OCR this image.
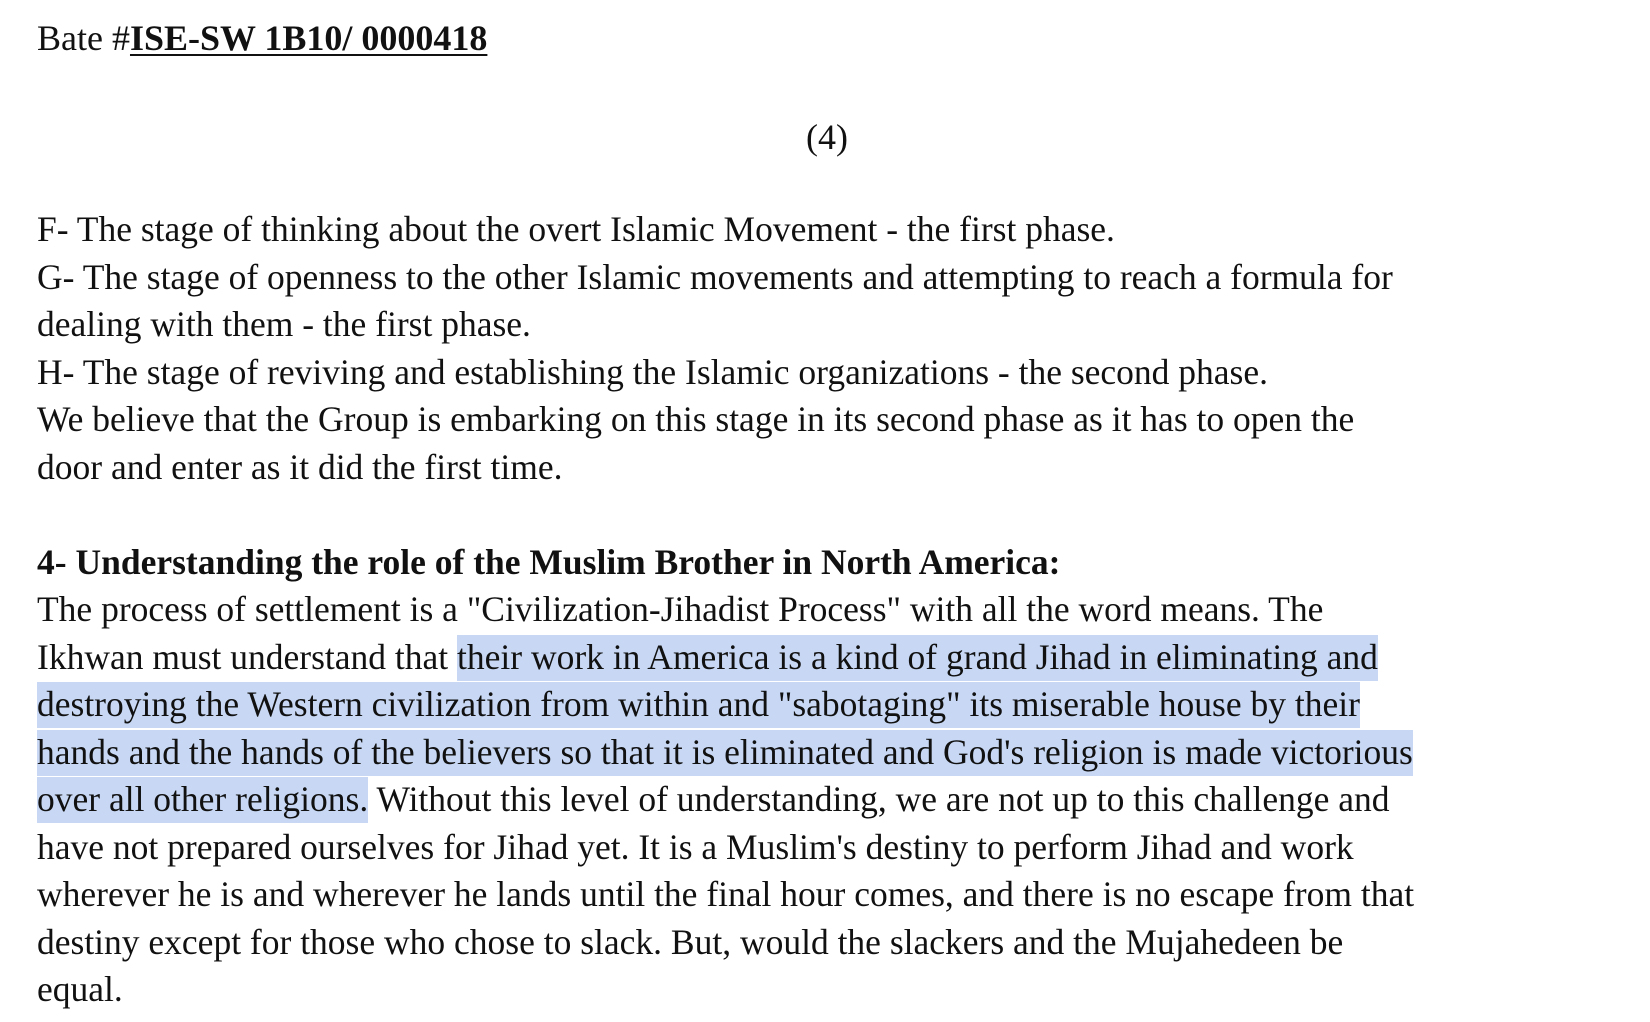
Bate #ISE-SW 1B10/ 0000418
(4)
F- The stage of thinking about the overt Islamic Movement - the first phase.
G- The stage of openness to the other Islamic movements and attempting to reach a formula for
dealing with them - the first phase.
H- The stage of reviving and establishing the Islamic organizations - the second phase.
We believe that the Group is embarking on this stage in its second phase as it has to open the
door and enter as it did the first time.
4- Understanding the role of the Muslim Brother in North America:
The process of settlement is a "Civilization-Jihadist Process" with all the word means. The
Ikhwan must understand that their work in America is a kind of grand Jihad in eliminating and
destroying the Western civilization from within and "sabotaging" its miserable house by their
hands and the hands of the believers so that it is eliminated and God's religion is made victorious
over all other religions. Without this level of understanding, we are not up to this challenge and
have not prepared ourselves for Jihad yet. It is a Muslim's destiny to perform Jihad and work
wherever he is and wherever he lands until the final hour comes, and there is no escape from that
destiny except for those who chose to slack. But, would the slackers and the Mujahedeen be
equal.
